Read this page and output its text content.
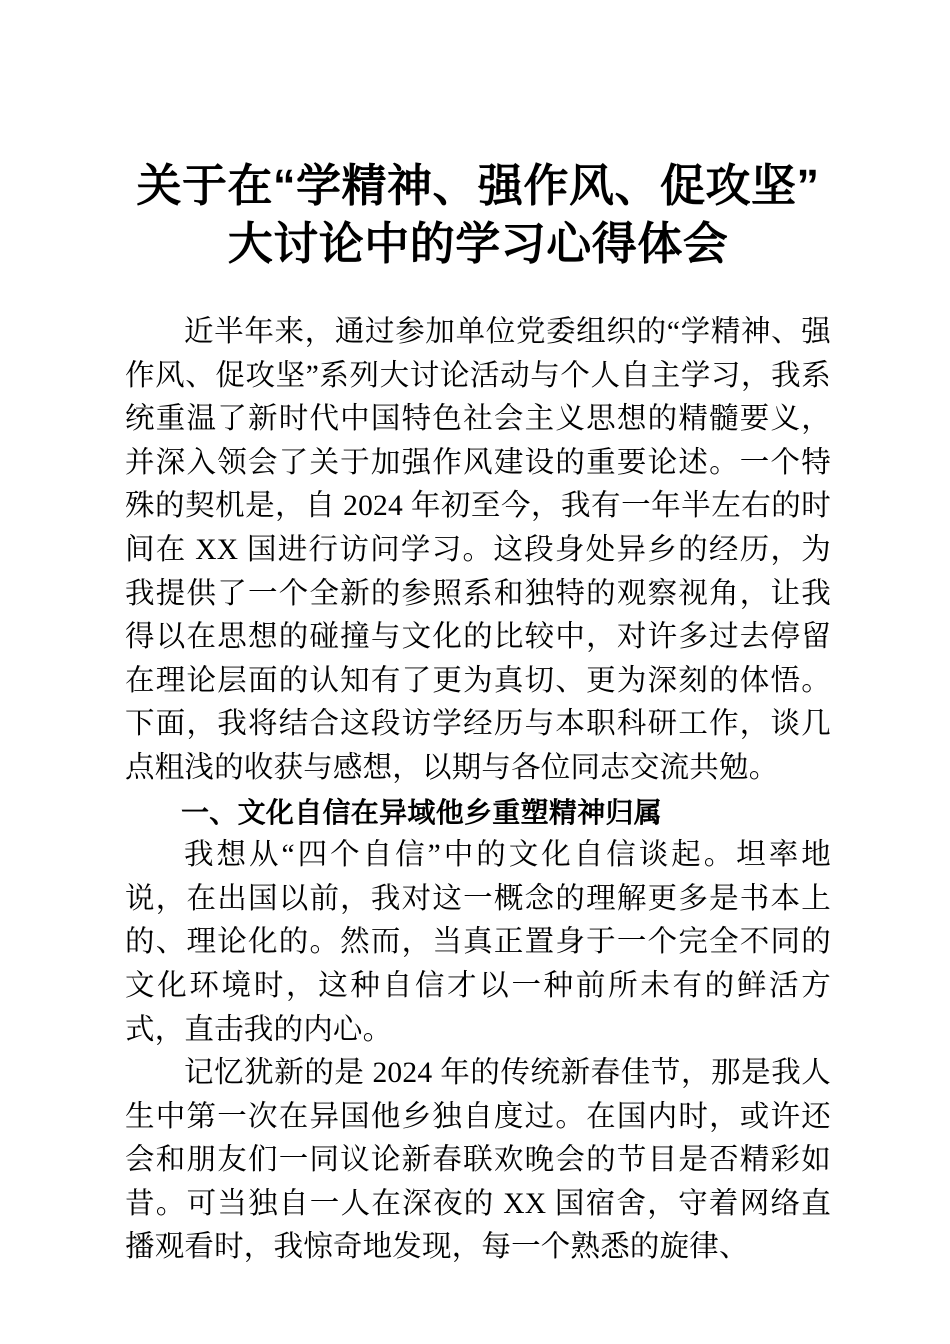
关于在“学精神、强作风、促攻坚”大讨论中的学习心得体会

近半年来，通过参加单位党委组织的“学精神、强作风、促攻坚”系列大讨论活动与个人自主学习，我系统重温了新时代中国特色社会主义思想的精髓要义，并深入领会了关于加强作风建设的重要论述。一个特殊的契机是，自 2024 年初至今，我有一年半左右的时间在 XX 国进行访问学习。这段身处异乡的经历，为我提供了一个全新的参照系和独特的观察视角，让我得以在思想的碰撞与文化的比较中，对许多过去停留在理论层面的认知有了更为真切、更为深刻的体悟。下面，我将结合这段访学经历与本职科研工作，谈几点粗浅的收获与感想，以期与各位同志交流共勉。

一、文化自信在异域他乡重塑精神归属

我想从“四个自信”中的文化自信谈起。坦率地说，在出国以前，我对这一概念的理解更多是书本上的、理论化的。然而，当真正置身于一个完全不同的文化环境时，这种自信才以一种前所未有的鲜活方式，直击我的内心。

记忆犹新的是 2024 年的传统新春佳节，那是我人生中第一次在异国他乡独自度过。在国内时，或许还会和朋友们一同议论新春联欢晚会的节目是否精彩如昔。可当独自一人在深夜的 XX 国宿舍，守着网络直播观看时，我惊奇地发现，每一个熟悉的旋律、
